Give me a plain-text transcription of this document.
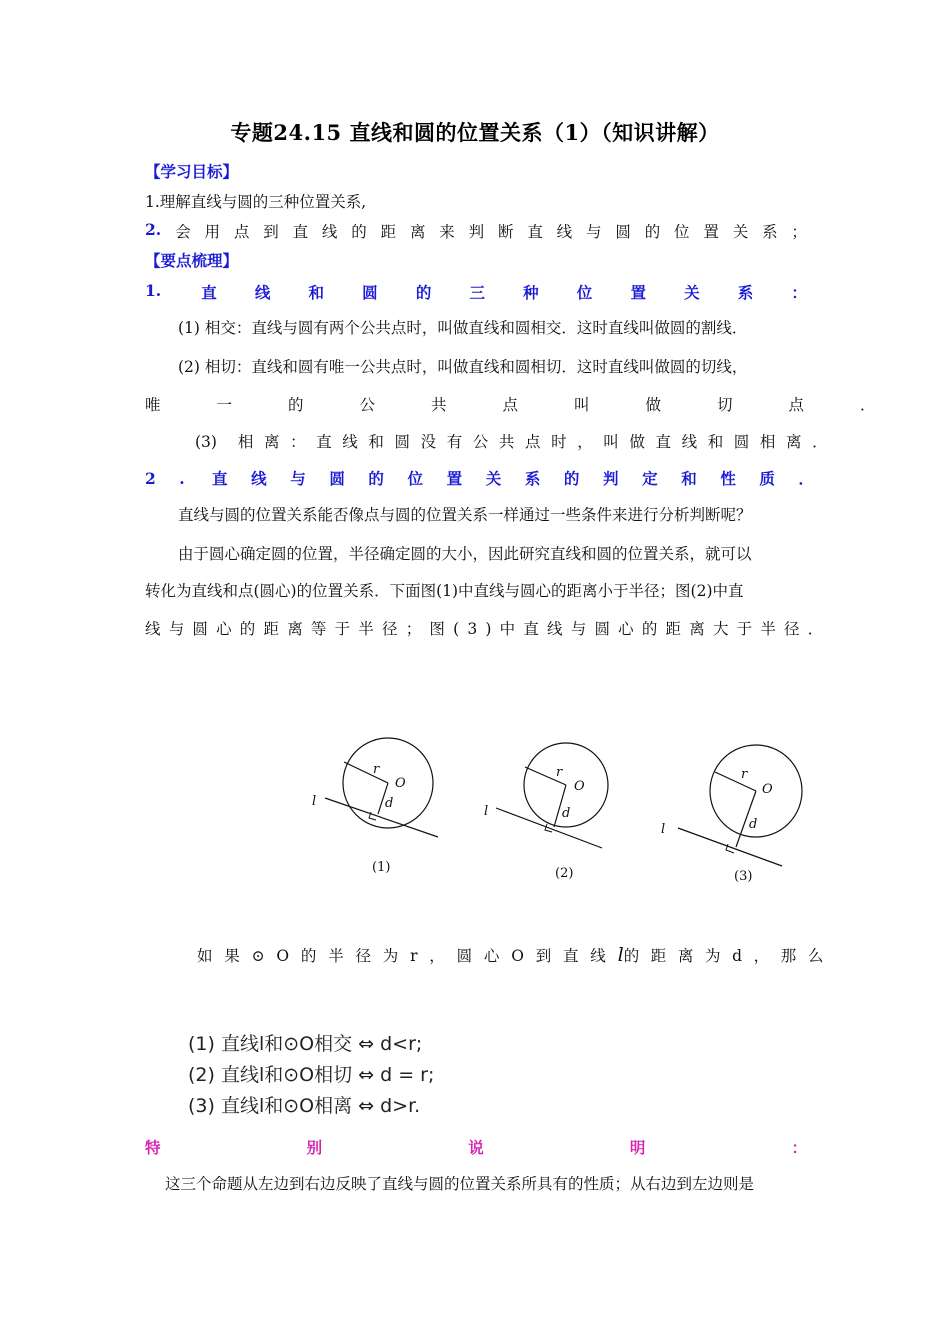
专题24.15 直线和圆的位置关系（1）（知识讲解）
【学习目标】
1.理解直线与圆的三种位置关系,
2. 会 用 点 到 直 线 的 距 离 来 判 断 直 线 与 圆 的 位 置 关 系 ；
【要点梳理】
1 .	直 线 和 圆 的 三 种 位 置 关 系 ：
(1) 相交：直线与圆有两个公共点时，叫做直线和圆相交．这时直线叫做圆的割线．
(2) 相切：直线和圆有唯一公共点时，叫做直线和圆相切．这时直线叫做圆的切线，
唯一的公共点叫做切点．
(3) 相离：直线和圆没有公共点时，叫做直线和圆相离．
2 . 直线与圆的位置关系的判定和性质．
直线与圆的位置关系能否像点与圆的位置关系一样通过一些条件来进行分析判断呢？
由于圆心确定圆的位置，半径确定圆的大小，因此研究直线和圆的位置关系，就可以
转化为直线和点(圆心)的位置关系．下面图(1)中直线与圆心的距离小于半径；图(2)中直
线与圆心的距离等于半径；图(3)中直线与圆心的距离大于半径．
r
O
d
l
(1)
r
O
d
l
(2)
r
O
d
l
(3)
如果⊙O的半径为r，圆心O到直线l的距离为d，那么
(1) 直线l和⊙O相交 ⇔ d<r;
(2) 直线l和⊙O相切 ⇔ d = r;
(3) 直线l和⊙O相离 ⇔ d>r.
特	别	说	明	：
这三个命题从左边到右边反映了直线与圆的位置关系所具有的性质；从右边到左边则是
